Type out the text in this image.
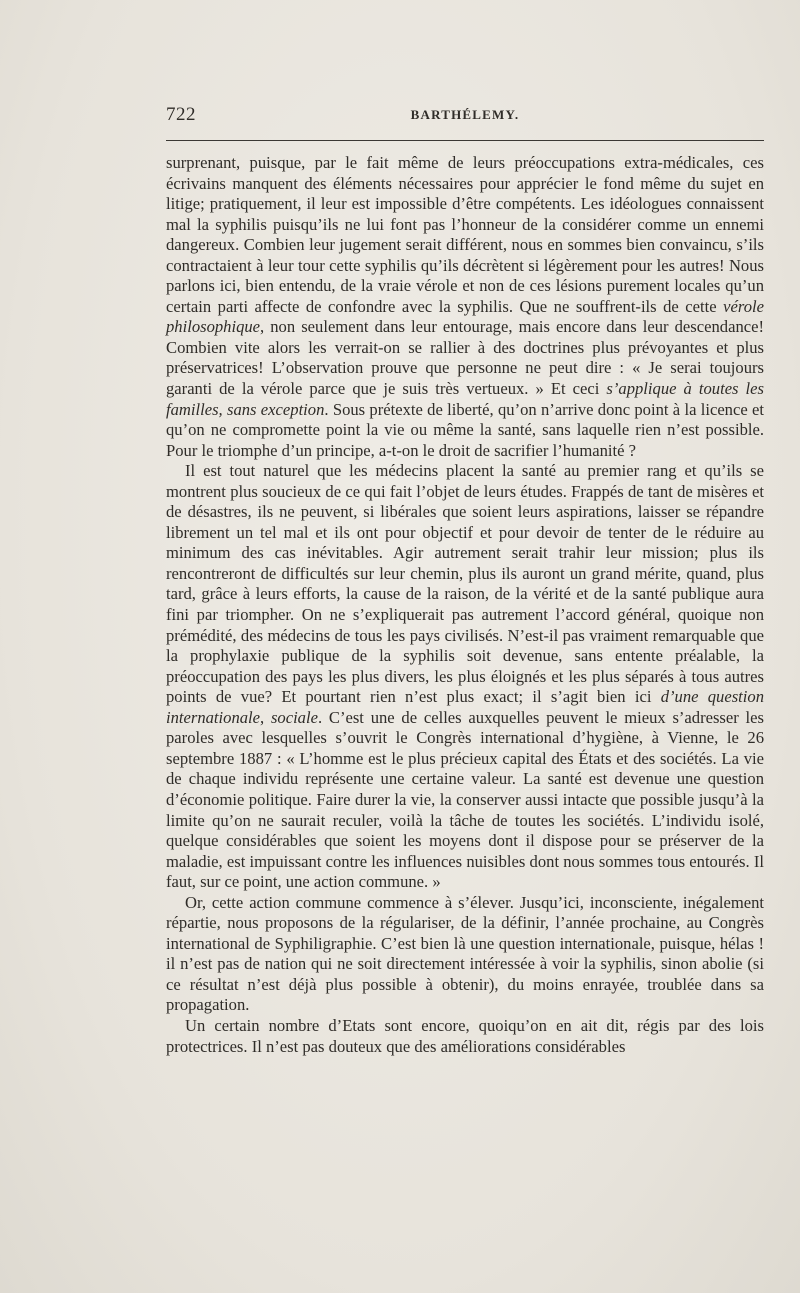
722	BARTHÉLEMY.

surprenant, puisque, par le fait même de leurs préoccupations extra-médicales, ces écrivains manquent des éléments nécessaires pour apprécier le fond même du sujet en litige; pratiquement, il leur est impossible d’être compétents. Les idéologues connaissent mal la syphilis puisqu’ils ne lui font pas l’honneur de la considérer comme un ennemi dangereux. Combien leur jugement serait différent, nous en sommes bien convaincu, s’ils contractaient à leur tour cette syphilis qu’ils décrètent si légèrement pour les autres! Nous parlons ici, bien entendu, de la vraie vérole et non de ces lésions purement locales qu’un certain parti affecte de confondre avec la syphilis. Que ne souffrent-ils de cette vérole philosophique, non seulement dans leur entourage, mais encore dans leur descendance! Combien vite alors les verrait-on se rallier à des doctrines plus prévoyantes et plus préservatrices! L’observation prouve que personne ne peut dire : « Je serai toujours garanti de la vérole parce que je suis très vertueux. » Et ceci s’applique à toutes les familles, sans exception. Sous prétexte de liberté, qu’on n’arrive donc point à la licence et qu’on ne compromette point la vie ou même la santé, sans laquelle rien n’est possible. Pour le triomphe d’un principe, a-t-on le droit de sacrifier l’humanité ?

Il est tout naturel que les médecins placent la santé au premier rang et qu’ils se montrent plus soucieux de ce qui fait l’objet de leurs études. Frappés de tant de misères et de désastres, ils ne peuvent, si libérales que soient leurs aspirations, laisser se répandre librement un tel mal et ils ont pour objectif et pour devoir de tenter de le réduire au minimum des cas inévitables. Agir autrement serait trahir leur mission; plus ils rencontreront de difficultés sur leur chemin, plus ils auront un grand mérite, quand, plus tard, grâce à leurs efforts, la cause de la raison, de la vérité et de la santé publique aura fini par triompher. On ne s’expliquerait pas autrement l’accord général, quoique non prémédité, des médecins de tous les pays civilisés. N’est-il pas vraiment remarquable que la prophylaxie publique de la syphilis soit devenue, sans entente préalable, la préoccupation des pays les plus divers, les plus éloignés et les plus séparés à tous autres points de vue? Et pourtant rien n’est plus exact; il s’agit bien ici d’une question internationale, sociale. C’est une de celles auxquelles peuvent le mieux s’adresser les paroles avec lesquelles s’ouvrit le Congrès international d’hygiène, à Vienne, le 26 septembre 1887 : « L’homme est le plus précieux capital des États et des sociétés. La vie de chaque individu représente une certaine valeur. La santé est devenue une question d’économie politique. Faire durer la vie, la conserver aussi intacte que possible jusqu’à la limite qu’on ne saurait reculer, voilà la tâche de toutes les sociétés. L’individu isolé, quelque considérables que soient les moyens dont il dispose pour se préserver de la maladie, est impuissant contre les influences nuisibles dont nous sommes tous entourés. Il faut, sur ce point, une action commune. »

Or, cette action commune commence à s’élever. Jusqu’ici, inconsciente, inégalement répartie, nous proposons de la régulariser, de la définir, l’année prochaine, au Congrès international de Syphiligraphie. C’est bien là une question internationale, puisque, hélas ! il n’est pas de nation qui ne soit directement intéressée à voir la syphilis, sinon abolie (si ce résultat n’est déjà plus possible à obtenir), du moins enrayée, troublée dans sa propagation.

Un certain nombre d’Etats sont encore, quoiqu’on en ait dit, régis par des lois protectrices. Il n’est pas douteux que des améliorations considérables
